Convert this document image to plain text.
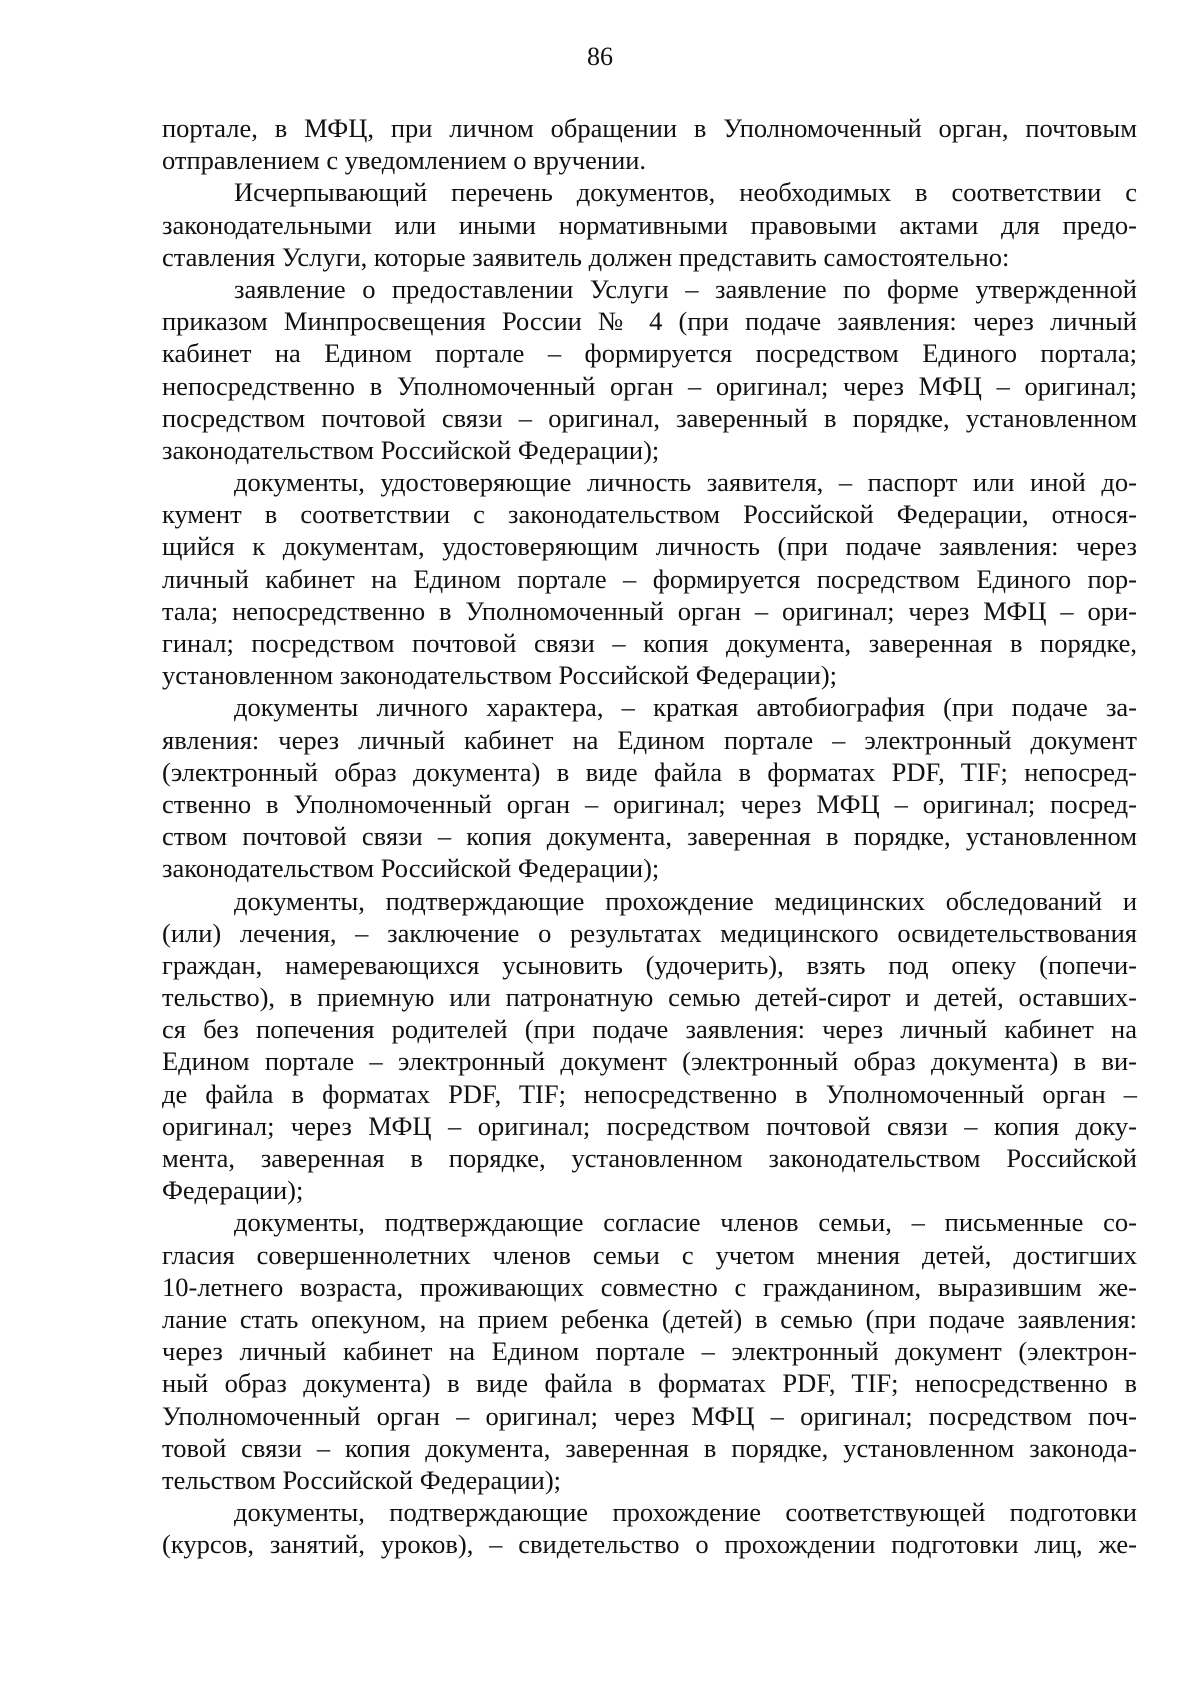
86
порталe, в МФЦ, при личном обращении в Уполномоченный орган, почтовым
отправлением с уведомлением о вручении.
Исчерпывающий перечень документов, необходимых в соответствии с
законодательными или иными нормативными правовыми актами для предо-
ставления Услуги, которые заявитель должен представить самостоятельно:
заявление о предоставлении Услуги – заявление по форме утвержденной
приказом Минпросвещения России № 4 (при подаче заявления: через личный
кабинет на Едином портале – формируется посредством Единого портала;
непосредственно в Уполномоченный орган – оригинал; через МФЦ – оригинал;
посредством почтовой связи – оригинал, заверенный в порядке, установленном
законодательством Российской Федерации);
документы, удостоверяющие личность заявителя, – паспорт или иной до-
кумент в соответствии с законодательством Российской Федерации, относя-
щийся к документам, удостоверяющим личность (при подаче заявления: через
личный кабинет на Едином портале – формируется посредством Единого пор-
тала; непосредственно в Уполномоченный орган – оригинал; через МФЦ – ори-
гинал; посредством почтовой связи – копия документа, заверенная в порядке,
установленном законодательством Российской Федерации);
документы личного характера, – краткая автобиография (при подаче за-
явления: через личный кабинет на Едином портале – электронный документ
(электронный образ документа) в виде файла в форматах PDF, TIF; непосред-
ственно в Уполномоченный орган – оригинал; через МФЦ – оригинал; посред-
ством почтовой связи – копия документа, заверенная в порядке, установленном
законодательством Российской Федерации);
документы, подтверждающие прохождение медицинских обследований и
(или) лечения, – заключение о результатах медицинского освидетельствования
граждан, намеревающихся усыновить (удочерить), взять под опеку (попечи-
тельство), в приемную или патронатную семью детей-сирот и детей, оставших-
ся без попечения родителей (при подаче заявления: через личный кабинет на
Едином портале – электронный документ (электронный образ документа) в ви-
де файла в форматах PDF, TIF; непосредственно в Уполномоченный орган –
оригинал; через МФЦ – оригинал; посредством почтовой связи – копия доку-
мента, заверенная в порядке, установленном законодательством Российской
Федерации);
документы, подтверждающие согласие членов семьи, – письменные со-
гласия совершеннолетних членов семьи с учетом мнения детей, достигших
10-летнего возраста, проживающих совместно с гражданином, выразившим же-
лание стать опекуном, на прием ребенка (детей) в семью (при подаче заявления:
через личный кабинет на Едином портале – электронный документ (электрон-
ный образ документа) в виде файла в форматах PDF, TIF; непосредственно в
Уполномоченный орган – оригинал; через МФЦ – оригинал; посредством поч-
товой связи – копия документа, заверенная в порядке, установленном законода-
тельством Российской Федерации);
документы, подтверждающие прохождение соответствующей подготовки
(курсов, занятий, уроков), – свидетельство о прохождении подготовки лиц, же-
